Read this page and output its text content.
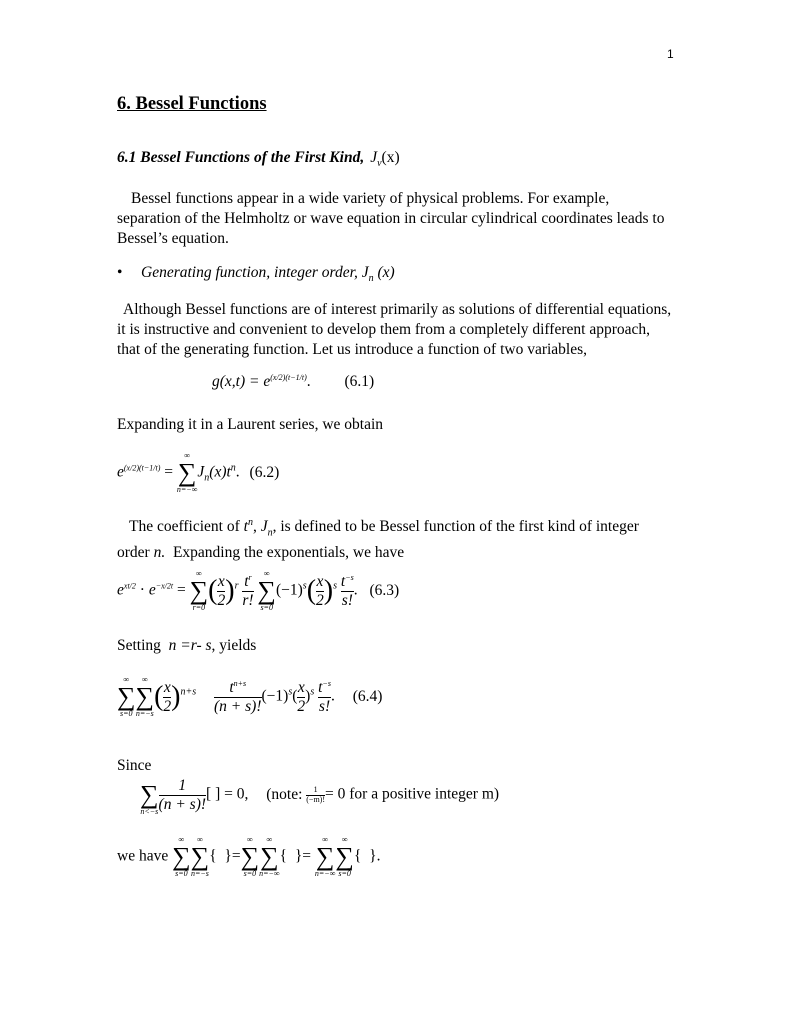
1
6. Bessel Functions
6.1 Bessel Functions of the First Kind, $J_v(x)$
Bessel functions appear in a wide variety of physical problems. For example,
separation of the Helmholtz or wave equation in circular cylindrical coordinates leads to
Bessel’s equation.
• Generating function, integer order, $J_n$ (x)
Although Bessel functions are of interest primarily as solutions of differential equations,
it is instructive and convenient to develop them from a completely different approach,
that of the generating function. Let us introduce a function of two variables,
$g(x,t) = e^{(x/2)(t-1/t)}$. (6.1)
Expanding it in a Laurent series, we obtain
$e^{(x/2)(t-1/t)}$ =
∞
∑
n=−∞
$J_n(x)t^n$. (6.2)
The coefficient of $t^n$, $J_n$, is defined to be Bessel function of the first kind of integer
order n.  Expanding the exponentials, we have
$e^{xt/2} \cdot e^{-x/2t}$ =
∞
∑
r=0
( $\frac{x}{2} )^r \frac{t^r}{r!}$
	∞
∑
s=0
$(-1)^s( \frac{x}{2} )^s \frac{t^{-s}}{s!}$ . (6.3)
Setting  n =r- s, yields
∞
∑
s=0
∞
∑
n=−s
( $\frac{x}{2} )^{n+s} \frac{t^{n+s}}{(n + s)!} (-1)^s( \frac{x}{2} )^s \frac{t^{-s}}{s!}$ . (6.4)
Since

∑
$n<-s \frac{1}{(n + s)!}$ [ ] = 0, (note: $\frac{1}{(-m)!} = 0$ for a positive integer m)
we have
∞
∑
s=0
∞
∑
n=−s
{  }=
∞
∑
s=0
∞
∑
n=−∞
{  }=
∞
∑
n=−∞
∞
∑
s=0
{  }.
